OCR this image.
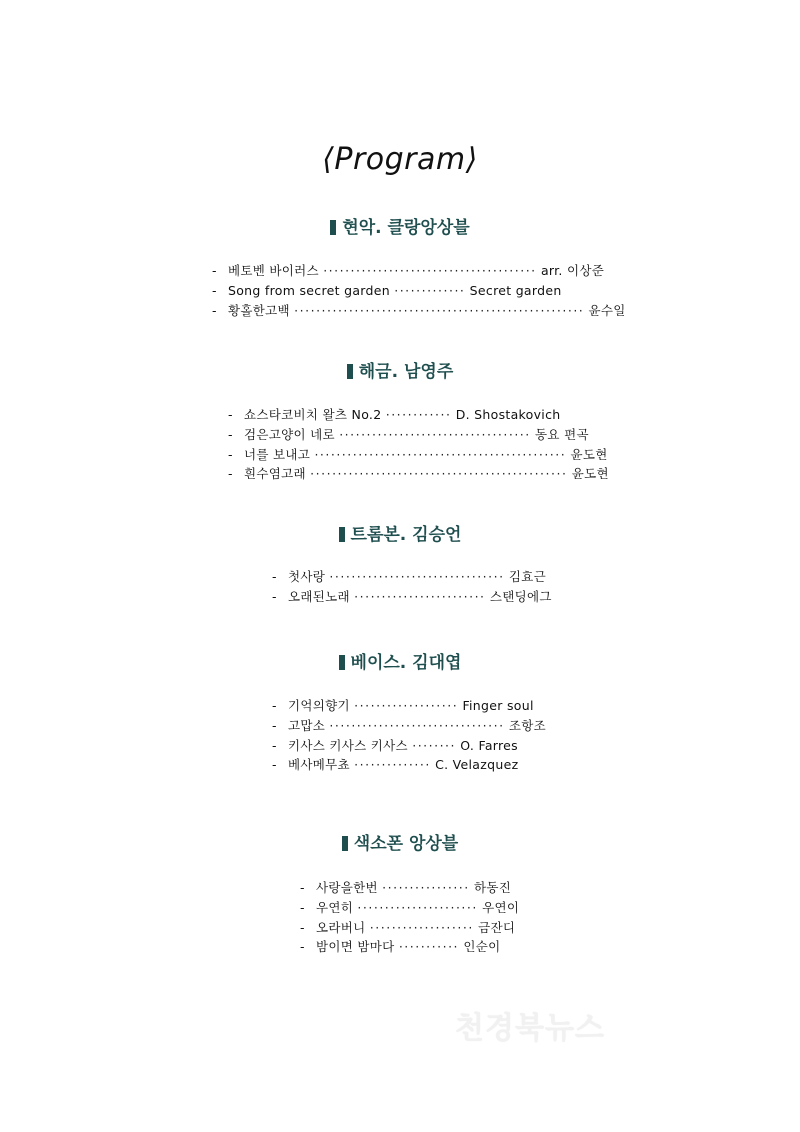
⟨Program⟩
현악. 클랑앙상블
- 베토벤 바이러스 ······································· arr. 이상준
- Song from secret garden ············· Secret garden
- 황홀한고백 ····················································· 윤수일
해금. 남영주
- 쇼스타코비치 왈츠 No.2 ············ D. Shostakovich
- 검은고양이 네로 ··································· 동요 편곡
- 너를 보내고 ·············································· 윤도현
- 흰수염고래 ··············································· 윤도현
트롬본. 김승언
- 첫사랑 ································ 김효근
- 오래된노래 ························ 스탠딩에그
베이스. 김대엽
- 기억의향기 ··················· Finger soul
- 고맙소 ································ 조항조
- 키사스 키사스 키사스 ········ O. Farres
- 베사메무쵸 ·············· C. Velazquez
색소폰 앙상블
- 사랑을한번 ················ 하동진
- 우연히 ······················ 우연이
- 오라버니 ··················· 금잔디
- 밤이면 밤마다 ··········· 인순이
천경북뉴스
